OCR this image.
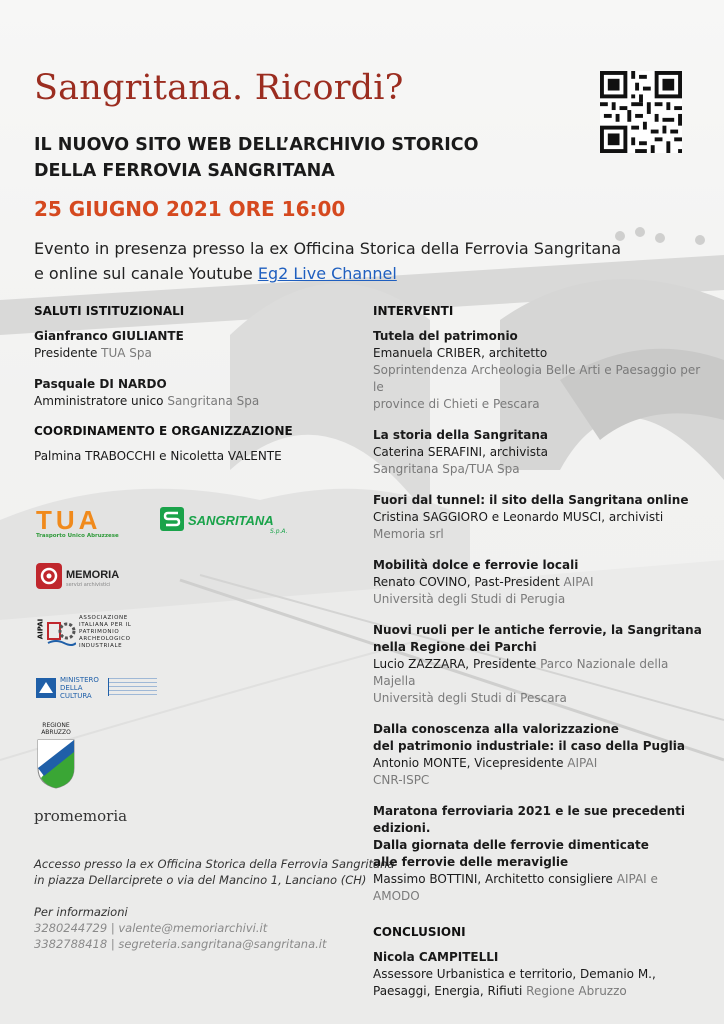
Sangritana. Ricordi?
IL NUOVO SITO WEB DELL’ARCHIVIO STORICO
DELLA FERROVIA SANGRITANA
25 GIUGNO 2021 ORE 16:00
Evento in presenza presso la ex Officina Storica della Ferrovia Sangritana
e online sul canale Youtube Eg2 Live Channel
SALUTI ISTITUZIONALI
Gianfranco GIULIANTE
Presidente TUA Spa
Pasquale DI NARDO
Amministratore unico Sangritana Spa
COORDINAMENTO E ORGANIZZAZIONE
Palmina TRABOCCHI e Nicoletta VALENTE
TUA
Trasporto Unico Abruzzese
SANGRITANA
S.p.A.
MEMORIA
servizi archivistici
AIPAI
ASSOCIAZIONE
ITALIANA PER IL
PATRIMONIO
ARCHEOLOGICO
INDUSTRIALE
MINISTERO
DELLA
CULTURA
REGIONE
ABRUZZO
promemoria
Accesso presso la ex Officina Storica della Ferrovia Sangritana
in piazza Dellarciprete o via del Mancino 1, Lanciano (CH)
Per informazioni
3280244729 | valente@memoriarchivi.it
3382788418 | segreteria.sangritana@sangritana.it
INTERVENTI
Tutela del patrimonio
Emanuela CRIBER, architetto
Soprintendenza Archeologia Belle Arti e Paesaggio per le
province di Chieti e Pescara
La storia della Sangritana
Caterina SERAFINI, archivista
Sangritana Spa/TUA Spa
Fuori dal tunnel: il sito della Sangritana online
Cristina SAGGIORO e Leonardo MUSCI, archivisti
Memoria srl
Mobilità dolce e ferrovie locali
Renato COVINO, Past-President AIPAI
Università degli Studi di Perugia
Nuovi ruoli per le antiche ferrovie, la Sangritana
nella Regione dei Parchi
Lucio ZAZZARA, Presidente Parco Nazionale della Majella
Università degli Studi di Pescara
Dalla conoscenza alla valorizzazione
del patrimonio industriale: il caso della Puglia
Antonio MONTE, Vicepresidente AIPAI
CNR-ISPC
Maratona ferroviaria 2021 e le sue precedenti edizioni.
Dalla giornata delle ferrovie dimenticate
alle ferrovie delle meraviglie
Massimo BOTTINI, Architetto consigliere AIPAI e AMODO
CONCLUSIONI
Nicola CAMPITELLI
Assessore Urbanistica e territorio, Demanio M.,
Paesaggi, Energia, Rifiuti Regione Abruzzo
